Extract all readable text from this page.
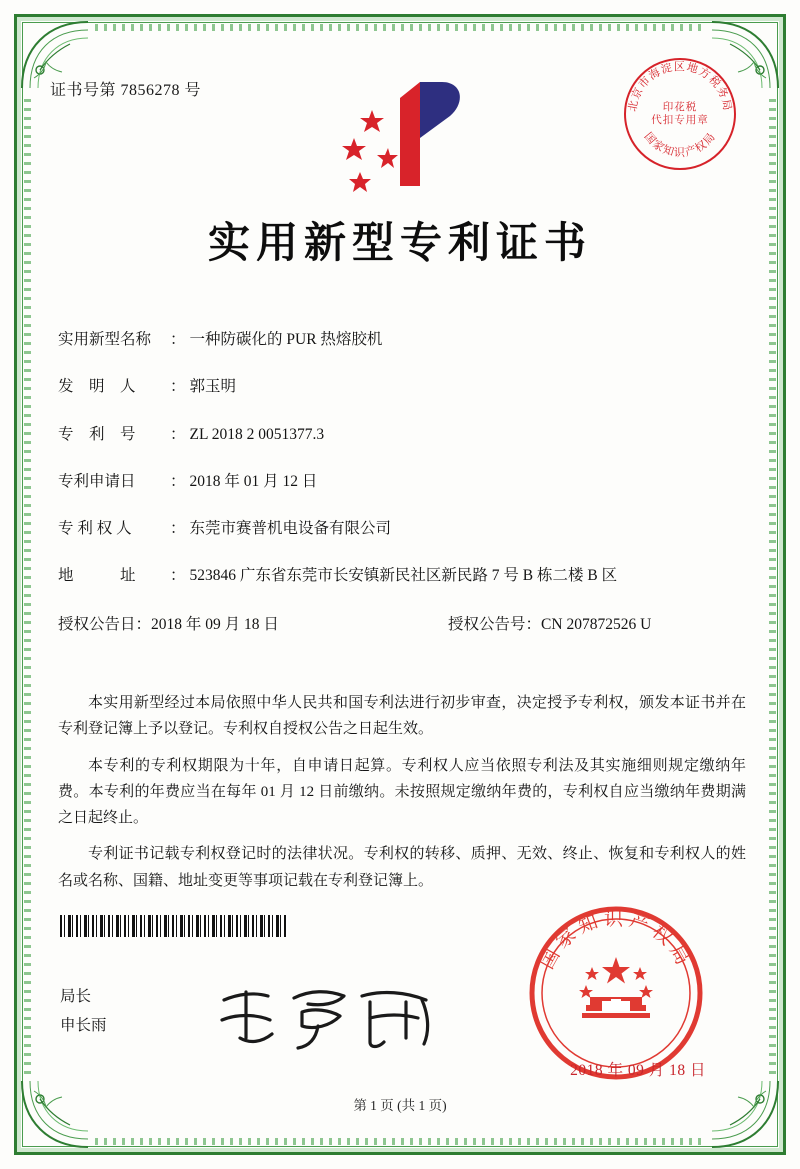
证书号第 7856278 号
北京市海淀区地方税务局
国家知识产权局
印花税
代扣专用章
实用新型专利证书
实用新型名称	： 一种防碳化的 PUR 热熔胶机
发　明　人	： 郭玉明
专　利　号	： ZL 2018 2 0051377.3
专利申请日	： 2018 年 01 月 12 日
专 利 权 人	： 东莞市赛普机电设备有限公司
地　　　址	： 523846 广东省东莞市长安镇新民社区新民路 7 号 B 栋二楼 B 区
授权公告日 ： 2018 年 09 月 18 日	授权公告号 ： CN 207872526 U

本实用新型经过本局依照中华人民共和国专利法进行初步审查，决定授予专利权，颁发本证书并在专利登记簿上予以登记。专利权自授权公告之日起生效。

本专利的专利权期限为十年，自申请日起算。专利权人应当依照专利法及其实施细则规定缴纳年费。本专利的年费应当在每年 01 月 12 日前缴纳。未按照规定缴纳年费的，专利权自应当缴纳年费期满之日起终止。

专利证书记载专利权登记时的法律状况。专利权的转移、质押、无效、终止、恢复和专利权人的姓名或名称、国籍、地址变更等事项记载在专利登记簿上。

局长
申长雨
国家知识产权局
2018 年 09 月 18 日
第 1 页 (共 1 页)
